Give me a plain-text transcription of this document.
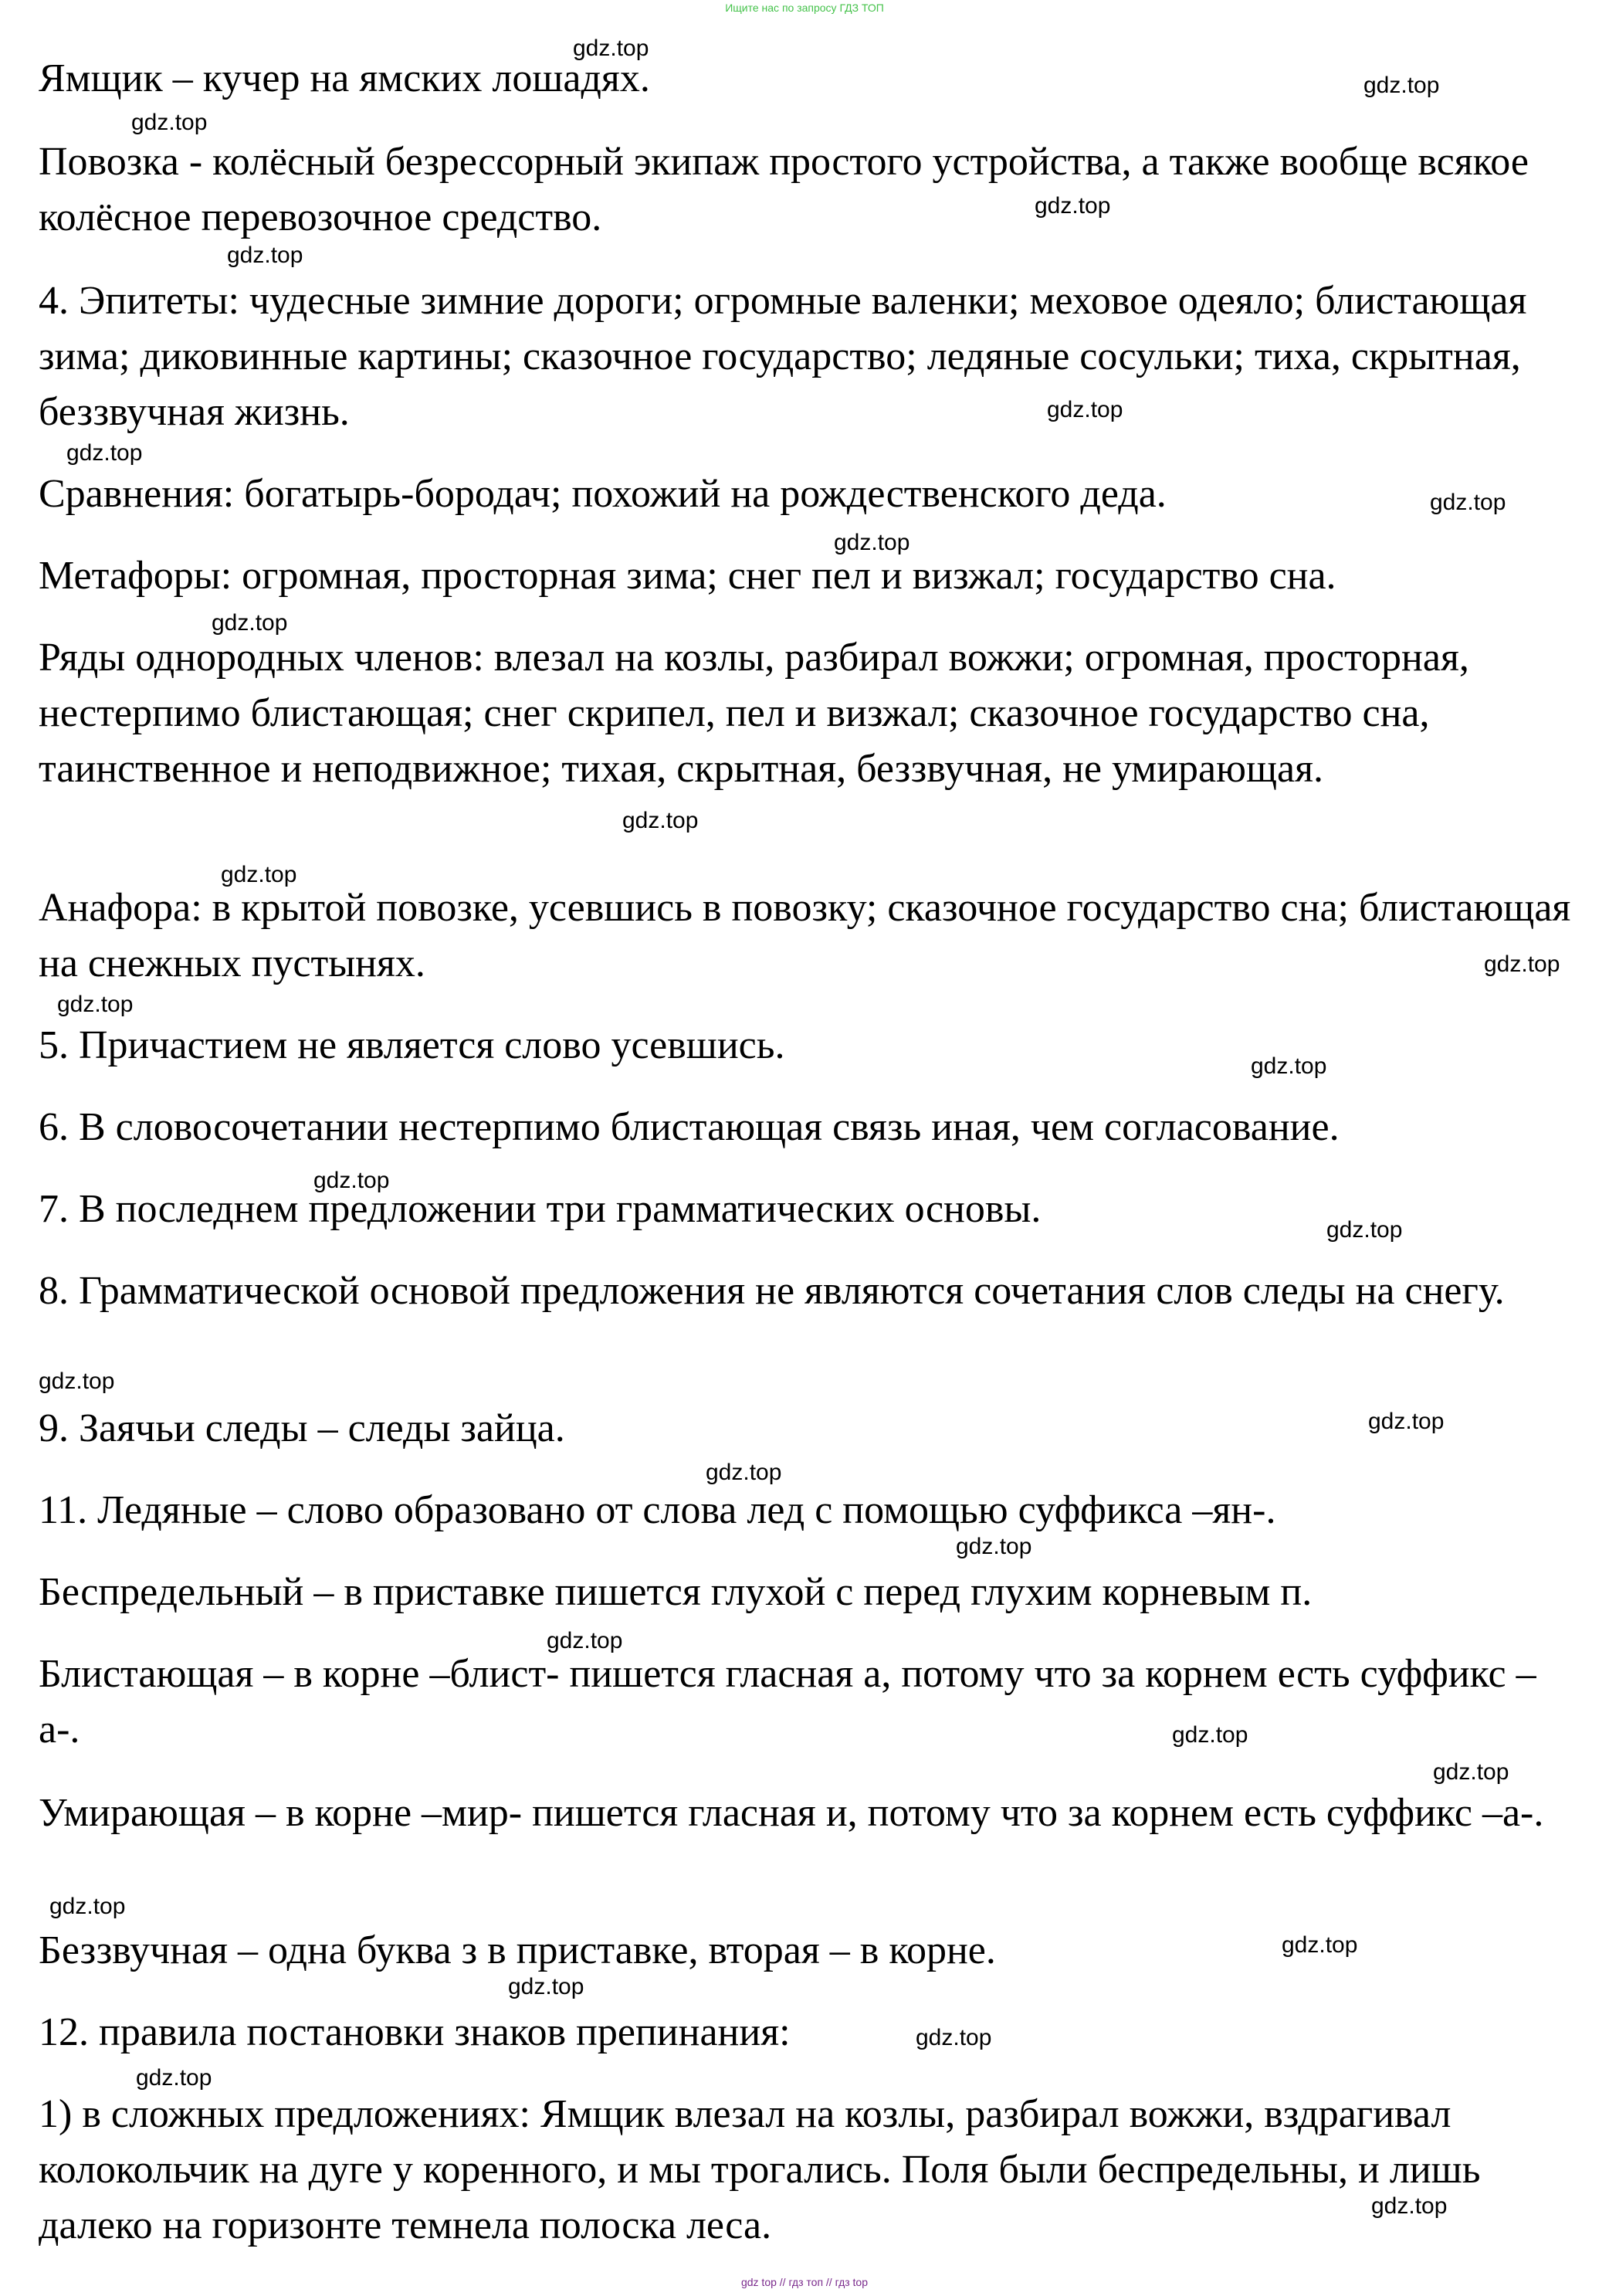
Ищите нас по запросу ГДЗ ТОП

Ямщик – кучер на ямских лошадях.

Повозка - колёсный безрессорный экипаж простого устройства, а также вообще всякое колёсное перевозочное средство.

4. Эпитеты: чудесные зимние дороги; огромные валенки; меховое одеяло; блистающая зима; диковинные картины; сказочное государство; ледяные сосульки; тиха, скрытная, беззвучная жизнь.

Сравнения: богатырь-бородач; похожий на рождественского деда.

Метафоры: огромная, просторная зима; снег пел и визжал; государство сна.

Ряды однородных членов: влезал на козлы, разбирал вожжи; огромная, просторная, нестерпимо блистающая; снег скрипел, пел и визжал; сказочное государство сна, таинственное и неподвижное; тихая, скрытная, беззвучная, не умирающая.

Анафора: в крытой повозке, усевшись в повозку; сказочное государство сна; блистающая на снежных пустынях.

5. Причастием не является слово усевшись.

6. В словосочетании нестерпимо блистающая связь иная, чем согласование.

7. В последнем предложении три грамматических основы.

8. Грамматической основой предложения не являются сочетания слов следы на снегу.

9. Заячьи следы – следы зайца.

11. Ледяные – слово образовано от слова лед с помощью суффикса –ян-.

Беспредельный – в приставке пишется глухой с перед глухим корневым п.

Блистающая – в корне –блист- пишется гласная а, потому что за корнем есть суффикс –а-.

Умирающая – в корне –мир- пишется гласная и, потому что за корнем есть суффикс –а-.

Беззвучная – одна буква з в приставке, вторая – в корне.

12. правила постановки знаков препинания:

1) в сложных предложениях: Ямщик влезал на козлы, разбирал вожжи, вздрагивал колокольчик на дуге у коренного, и мы трогались. Поля были беспредельны, и лишь далеко на горизонте темнела полоска леса.

gdz.top
gdz.top
gdz.top
gdz.top
gdz.top
gdz.top
gdz.top
gdz.top
gdz.top
gdz.top
gdz.top
gdz.top
gdz.top
gdz.top
gdz.top
gdz.top
gdz.top
gdz.top
gdz.top
gdz.top
gdz.top
gdz.top
gdz.top
gdz.top
gdz.top
gdz.top
gdz.top
gdz.top
gdz.top
gdz.top
gdz top // гдз топ // гдз top
